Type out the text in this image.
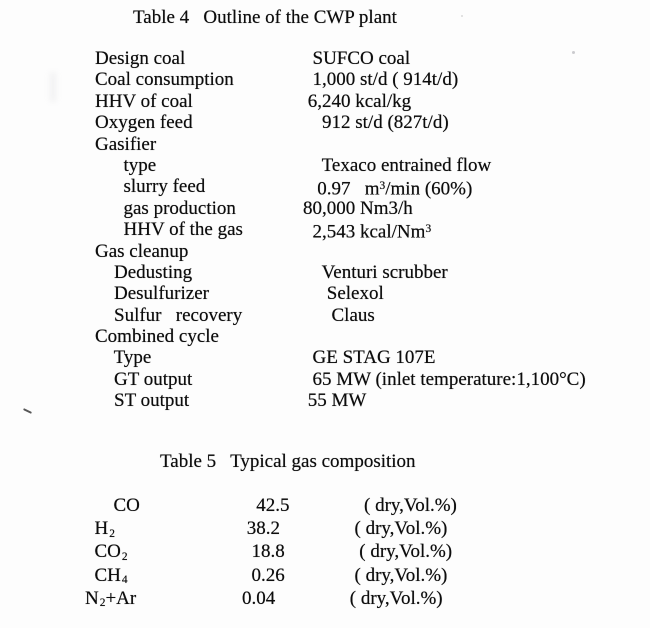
Table 4   Outline of the CWP plant
Design coal	SUFCO coal
Coal consumption	1,000 st/d ( 914t/d)
HHV of coal	6,240 kcal/kg
Oxygen feed	912 st/d (827t/d)
Gasifier
type	Texaco entrained flow
slurry feed	0.97   $m^3/\min$ (60%)
gas production	80,000 Nm3/h
HHV of the gas	2,543 kcal/Nm$^3$
Gas cleanup
Dedusting	Venturi scrubber
Desulfurizer	Selexol
Sulfur   recovery	Claus
Combined cycle
Type	GE STAG 107E
GT output	65 MW (inlet temperature:1,100°C)
ST output	55 MW
Table 5   Typical gas composition
CO	42.5	( dry,Vol.%)
$H_2$	38.2	( dry,Vol.%)
$CO_2$	18.8	( dry,Vol.%)
$CH_4$	0.26	( dry,Vol.%)
$N_2+Ar$	0.04	( dry,Vol.%)
